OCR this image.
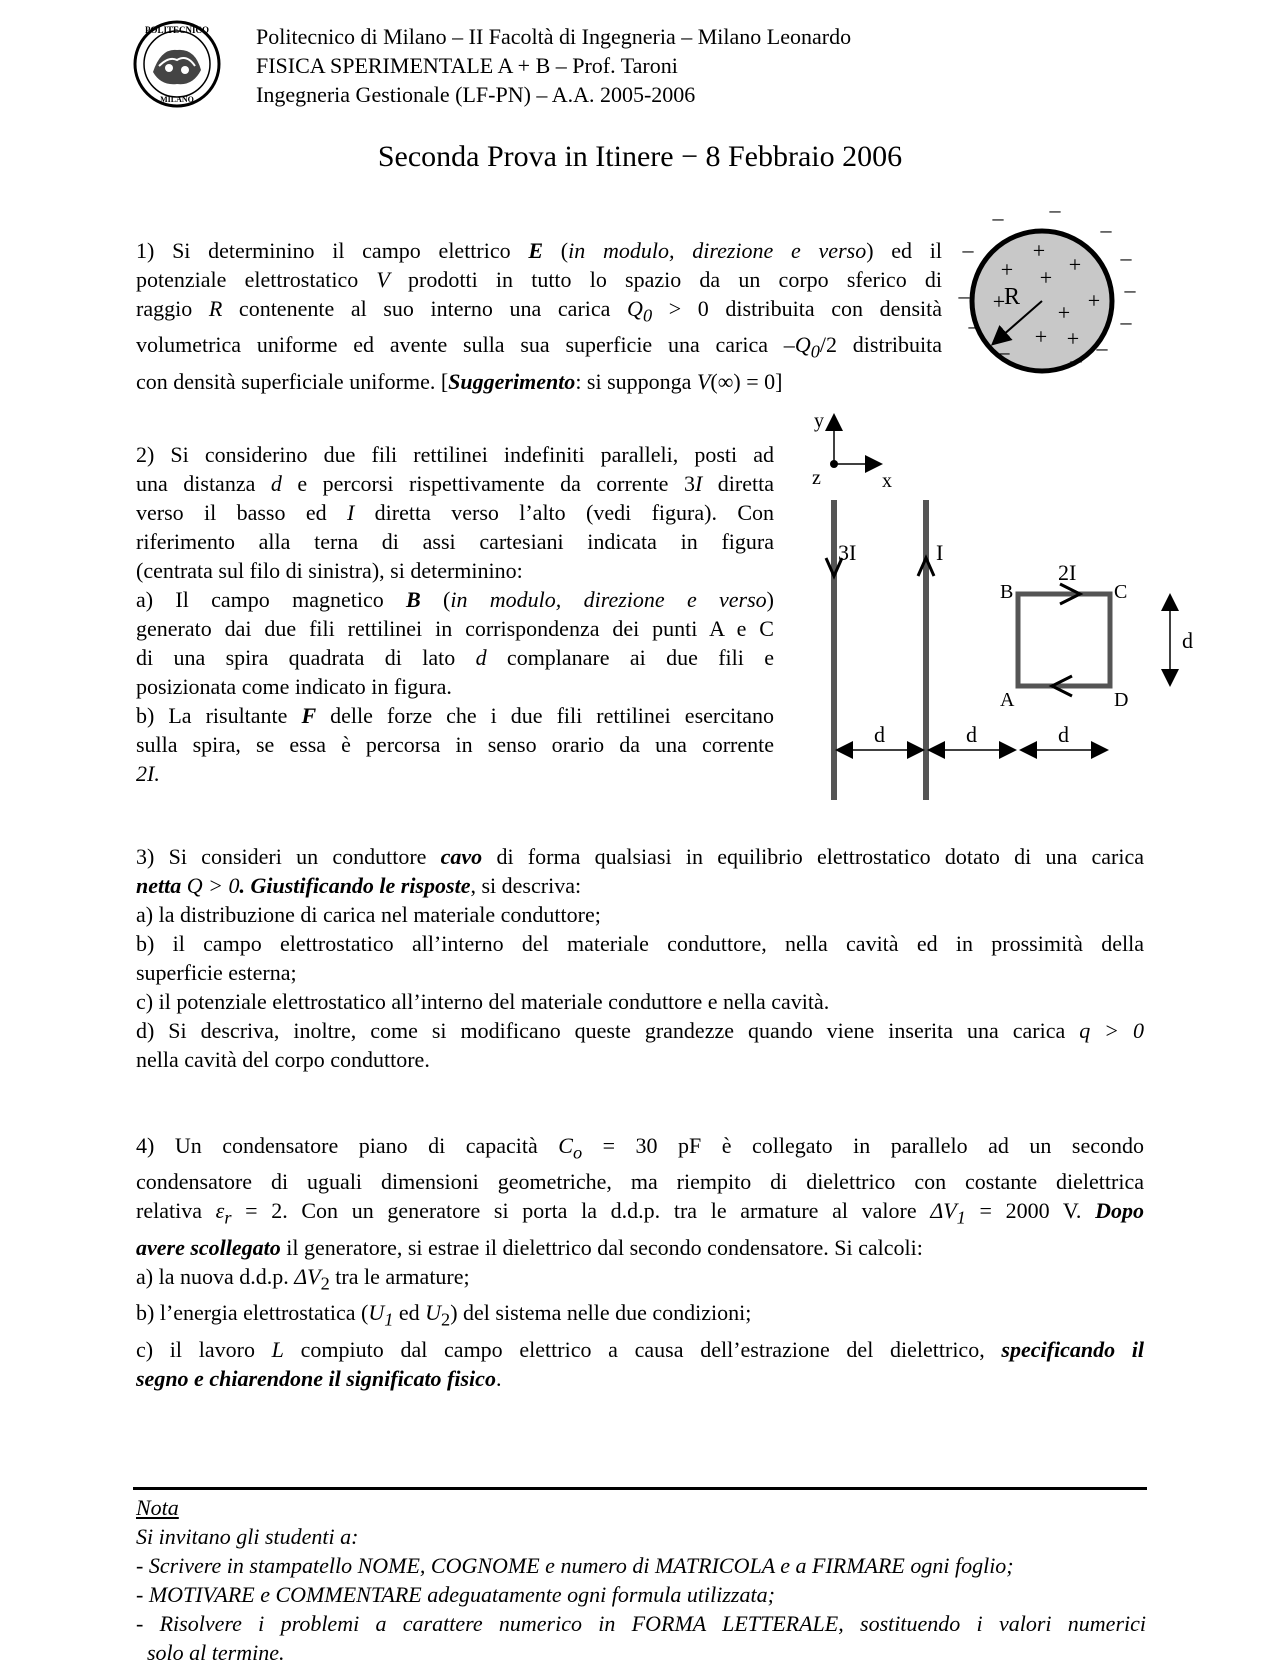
POLITECNICO
MILANO
Politecnico di Milano – II Facoltà di Ingegneria – Milano Leonardo
FISICA SPERIMENTALE A + B – Prof. Taroni
Ingegneria Gestionale (LF-PN) – A.A. 2005-2006
Seconda Prova in Itinere − 8 Febbraio 2006

1) Si determinino il campo elettrico E (in modulo, direzione e verso) ed il

potenziale elettrostatico V prodotti in tutto lo spazio da un corpo sferico di

raggio R contenente al suo interno una carica $Q_0 > 0$ distribuita con densità

volumetrica uniforme ed avente sulla sua superficie una carica $-Q_0/2$ distribuita

con densità superficiale uniforme. [Suggerimento: si supponga V(∞) = 0]

R
+
+	+
+
+ + +
+ +
–
–	–
–	–
–	–
–	–
–	–
–
–

2) Si considerino due fili rettilinei indefiniti paralleli, posti ad

una distanza d e percorsi rispettivamente da corrente 3I diretta

verso il basso ed I diretta verso l’alto (vedi figura). Con

riferimento alla terna di assi cartesiani indicata in figura

(centrata sul filo di sinistra), si determinino:

a) Il campo magnetico B (in modulo, direzione e verso)

generato dai due fili rettilinei in corrispondenza dei punti A e C

di una spira quadrata di lato d complanare ai due fili e

posizionata come indicato in figura.

b) La risultante F delle forze che i due fili rettilinei esercitano

sulla spira, se essa è percorsa in senso orario da una corrente

2I.

y
x
z
3I	I
2I
B	C
A	D
d
d	d	d

3) Si consideri un conduttore cavo di forma qualsiasi in equilibrio elettrostatico dotato di una carica

netta Q > 0. Giustificando le risposte, si descriva:

a) la distribuzione di carica nel materiale conduttore;

b) il campo elettrostatico all’interno del materiale conduttore, nella cavità ed in prossimità della

superficie esterna;

c) il potenziale elettrostatico all’interno del materiale conduttore e nella cavità.

d) Si descriva, inoltre, come si modificano queste grandezze quando viene inserita una carica q > 0

nella cavità del corpo conduttore.

4) Un condensatore piano di capacità $C_o = 30$ pF è collegato in parallelo ad un secondo

condensatore di uguali dimensioni geometriche, ma riempito di dielettrico con costante dielettrica

relativa $\varepsilon_r = 2$. Con un generatore si porta la d.d.p. tra le armature al valore $\Delta V_1 = 2000$ V. Dopo

avere scollegato il generatore, si estrae il dielettrico dal secondo condensatore. Si calcoli:

a) la nuova d.d.p. $\Delta V_2$ tra le armature;

b) l’energia elettrostatica ($U_1$ ed $U_2$) del sistema nelle due condizioni;

c) il lavoro L compiuto dal campo elettrico a causa dell’estrazione del dielettrico, specificando il

segno e chiarendone il significato fisico.

Nota

Si invitano gli studenti a:

- Scrivere in stampatello NOME, COGNOME e numero di MATRICOLA e a FIRMARE ogni foglio;

- MOTIVARE e COMMENTARE adeguatamente ogni formula utilizzata;

- Risolvere i problemi a carattere numerico in FORMA LETTERALE, sostituendo i valori numerici

solo al termine.
